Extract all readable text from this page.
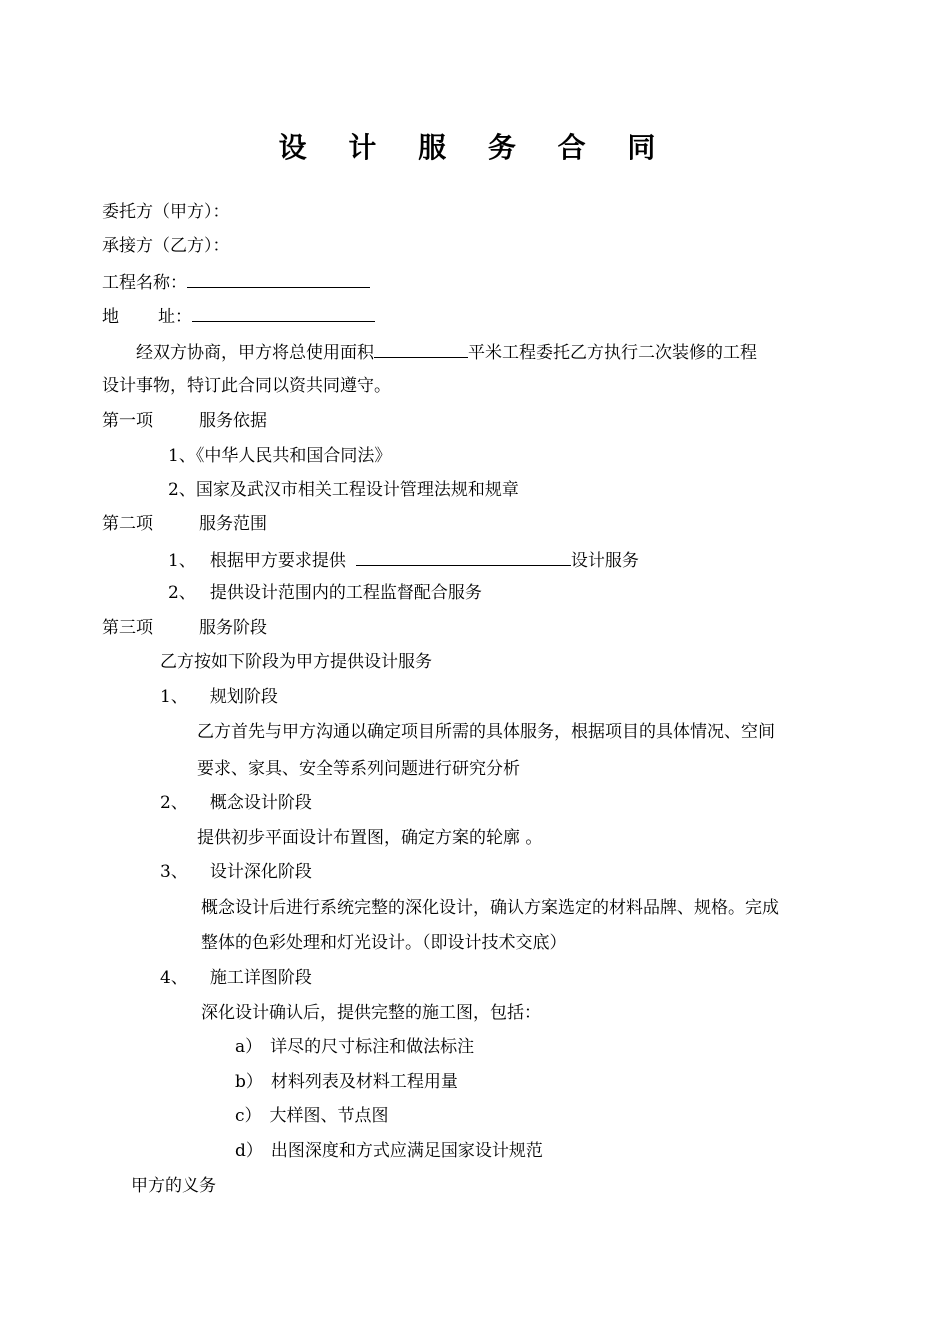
设 计 服 务 合 同
委托方（甲方）：
承接方（乙方）：
工程名称：
地 址：
经双方协商，甲方将总使用面积	平米工程委托乙方执行二次装修的工程
设计事物，特订此合同以资共同遵守。
第一项	服务依据
1、《中华人民共和国合同法》
2、国家及武汉市相关工程设计管理法规和规章
第二项	服务范围
1、 根据甲方要求提供	设计服务
2、 提供设计范围内的工程监督配合服务
第三项	服务阶段
乙方按如下阶段为甲方提供设计服务
1、 规划阶段
乙方首先与甲方沟通以确定项目所需的具体服务，根据项目的具体情况、空间
要求、家具、安全等系列问题进行研究分析
2、 概念设计阶段
提供初步平面设计布置图，确定方案的轮廓 。
3、 设计深化阶段
概念设计后进行系统完整的深化设计，确认方案选定的材料品牌、规格。完成
整体的色彩处理和灯光设计。（即设计技术交底）
4、 施工详图阶段
深化设计确认后，提供完整的施工图，包括：
a） 详尽的尺寸标注和做法标注
b） 材料列表及材料工程用量
c） 大样图、节点图
d） 出图深度和方式应满足国家设计规范
甲方的义务
